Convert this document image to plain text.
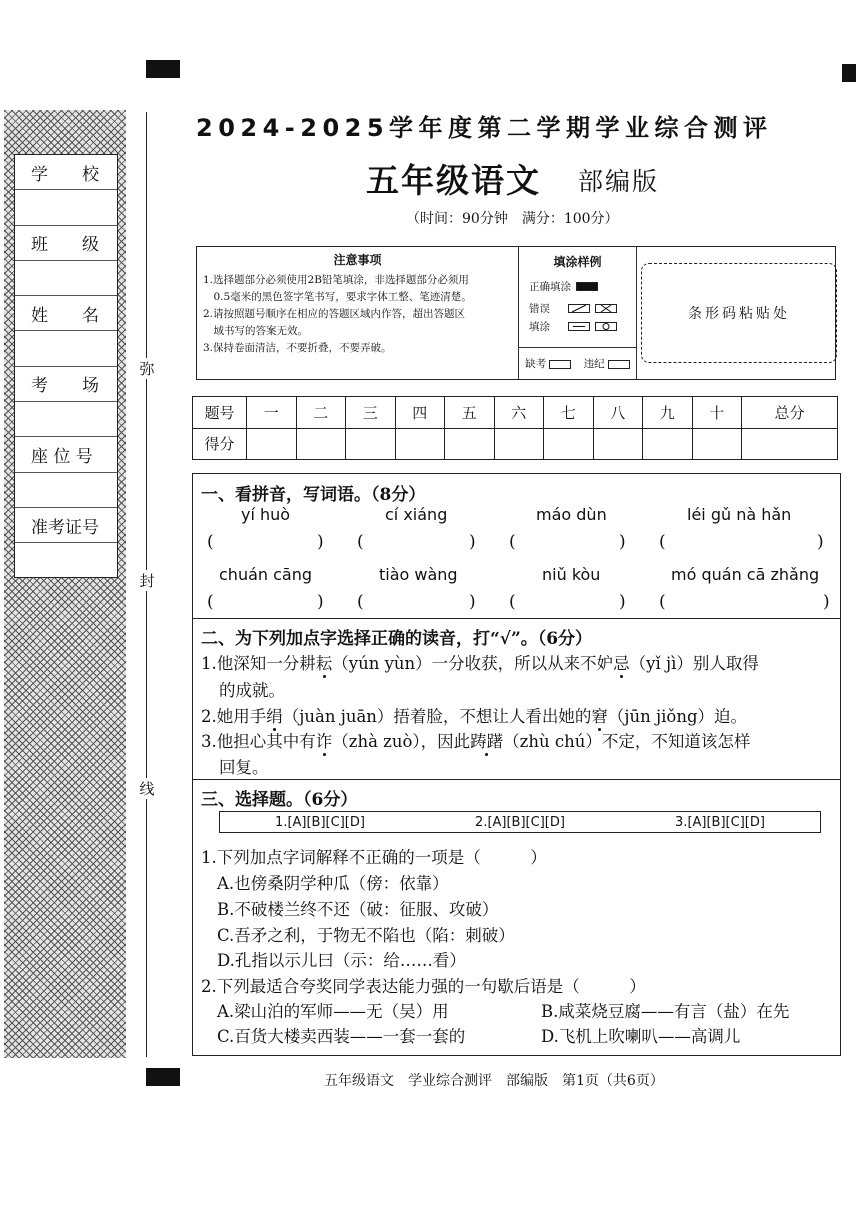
学　　校
班　　级
姓　　名
考　　场
座 位 号
准考证号
弥
封
线
2024-2025学年度第二学期学业综合测评
五年级语文 部编版
（时间：90分钟　满分：100分）
注意事项
1.选择题部分必须使用2B铅笔填涂，非选择题部分必须用
　0.5毫米的黑色签字笔书写，要求字体工整、笔迹清楚。
2.请按照题号顺序在相应的答题区域内作答，超出答题区
　域书写的答案无效。
3.保持卷面清洁，不要折叠，不要弄破。
填涂样例
正确填涂
错误
填涂
缺考	违纪
条形码粘贴处
题号	一	二	三	四	五	六	七	八	九	十	总分
得分											
一、看拼音，写词语。（8分）
yí huò	cí xiáng	máo dùn	léi gǔ nà hǎn
(	) (	) (	) (	)
chuán cāng	tiào wàng	niǔ kòu	mó quán cā zhǎng
(	) (	) (	) (	)
二、为下列加点字选择正确的读音，打“√”。（6分）
1.他深知一分耕耘（yún yùn）一分收获，所以从来不妒忌（yǐ jì）别人取得
的成就。
2.她用手绢（juàn juān）捂着脸，不想让人看出她的窘（jūn jiǒng）迫。
3.他担心其中有诈（zhà zuò），因此踌躇（zhù chú）不定，不知道该怎样
回复。
三、选择题。（6分）
1.[A][B][C][D]	2.[A][B][C][D]	3.[A][B][C][D]
1.下列加点字词解释不正确的一项是（　　　）
A.也傍桑阴学种瓜（傍：依靠）
B.不破楼兰终不还（破：征服、攻破）
C.吾矛之利，于物无不陷也（陷：刺破）
D.孔指以示儿曰（示：给……看）
2.下列最适合夸奖同学表达能力强的一句歇后语是（　　　）
A.梁山泊的军师——无（吴）用	B.咸菜烧豆腐——有言（盐）在先
C.百货大楼卖西装——一套一套的	D.飞机上吹喇叭——高调儿
五年级语文　学业综合测评　部编版　第1页（共6页）
